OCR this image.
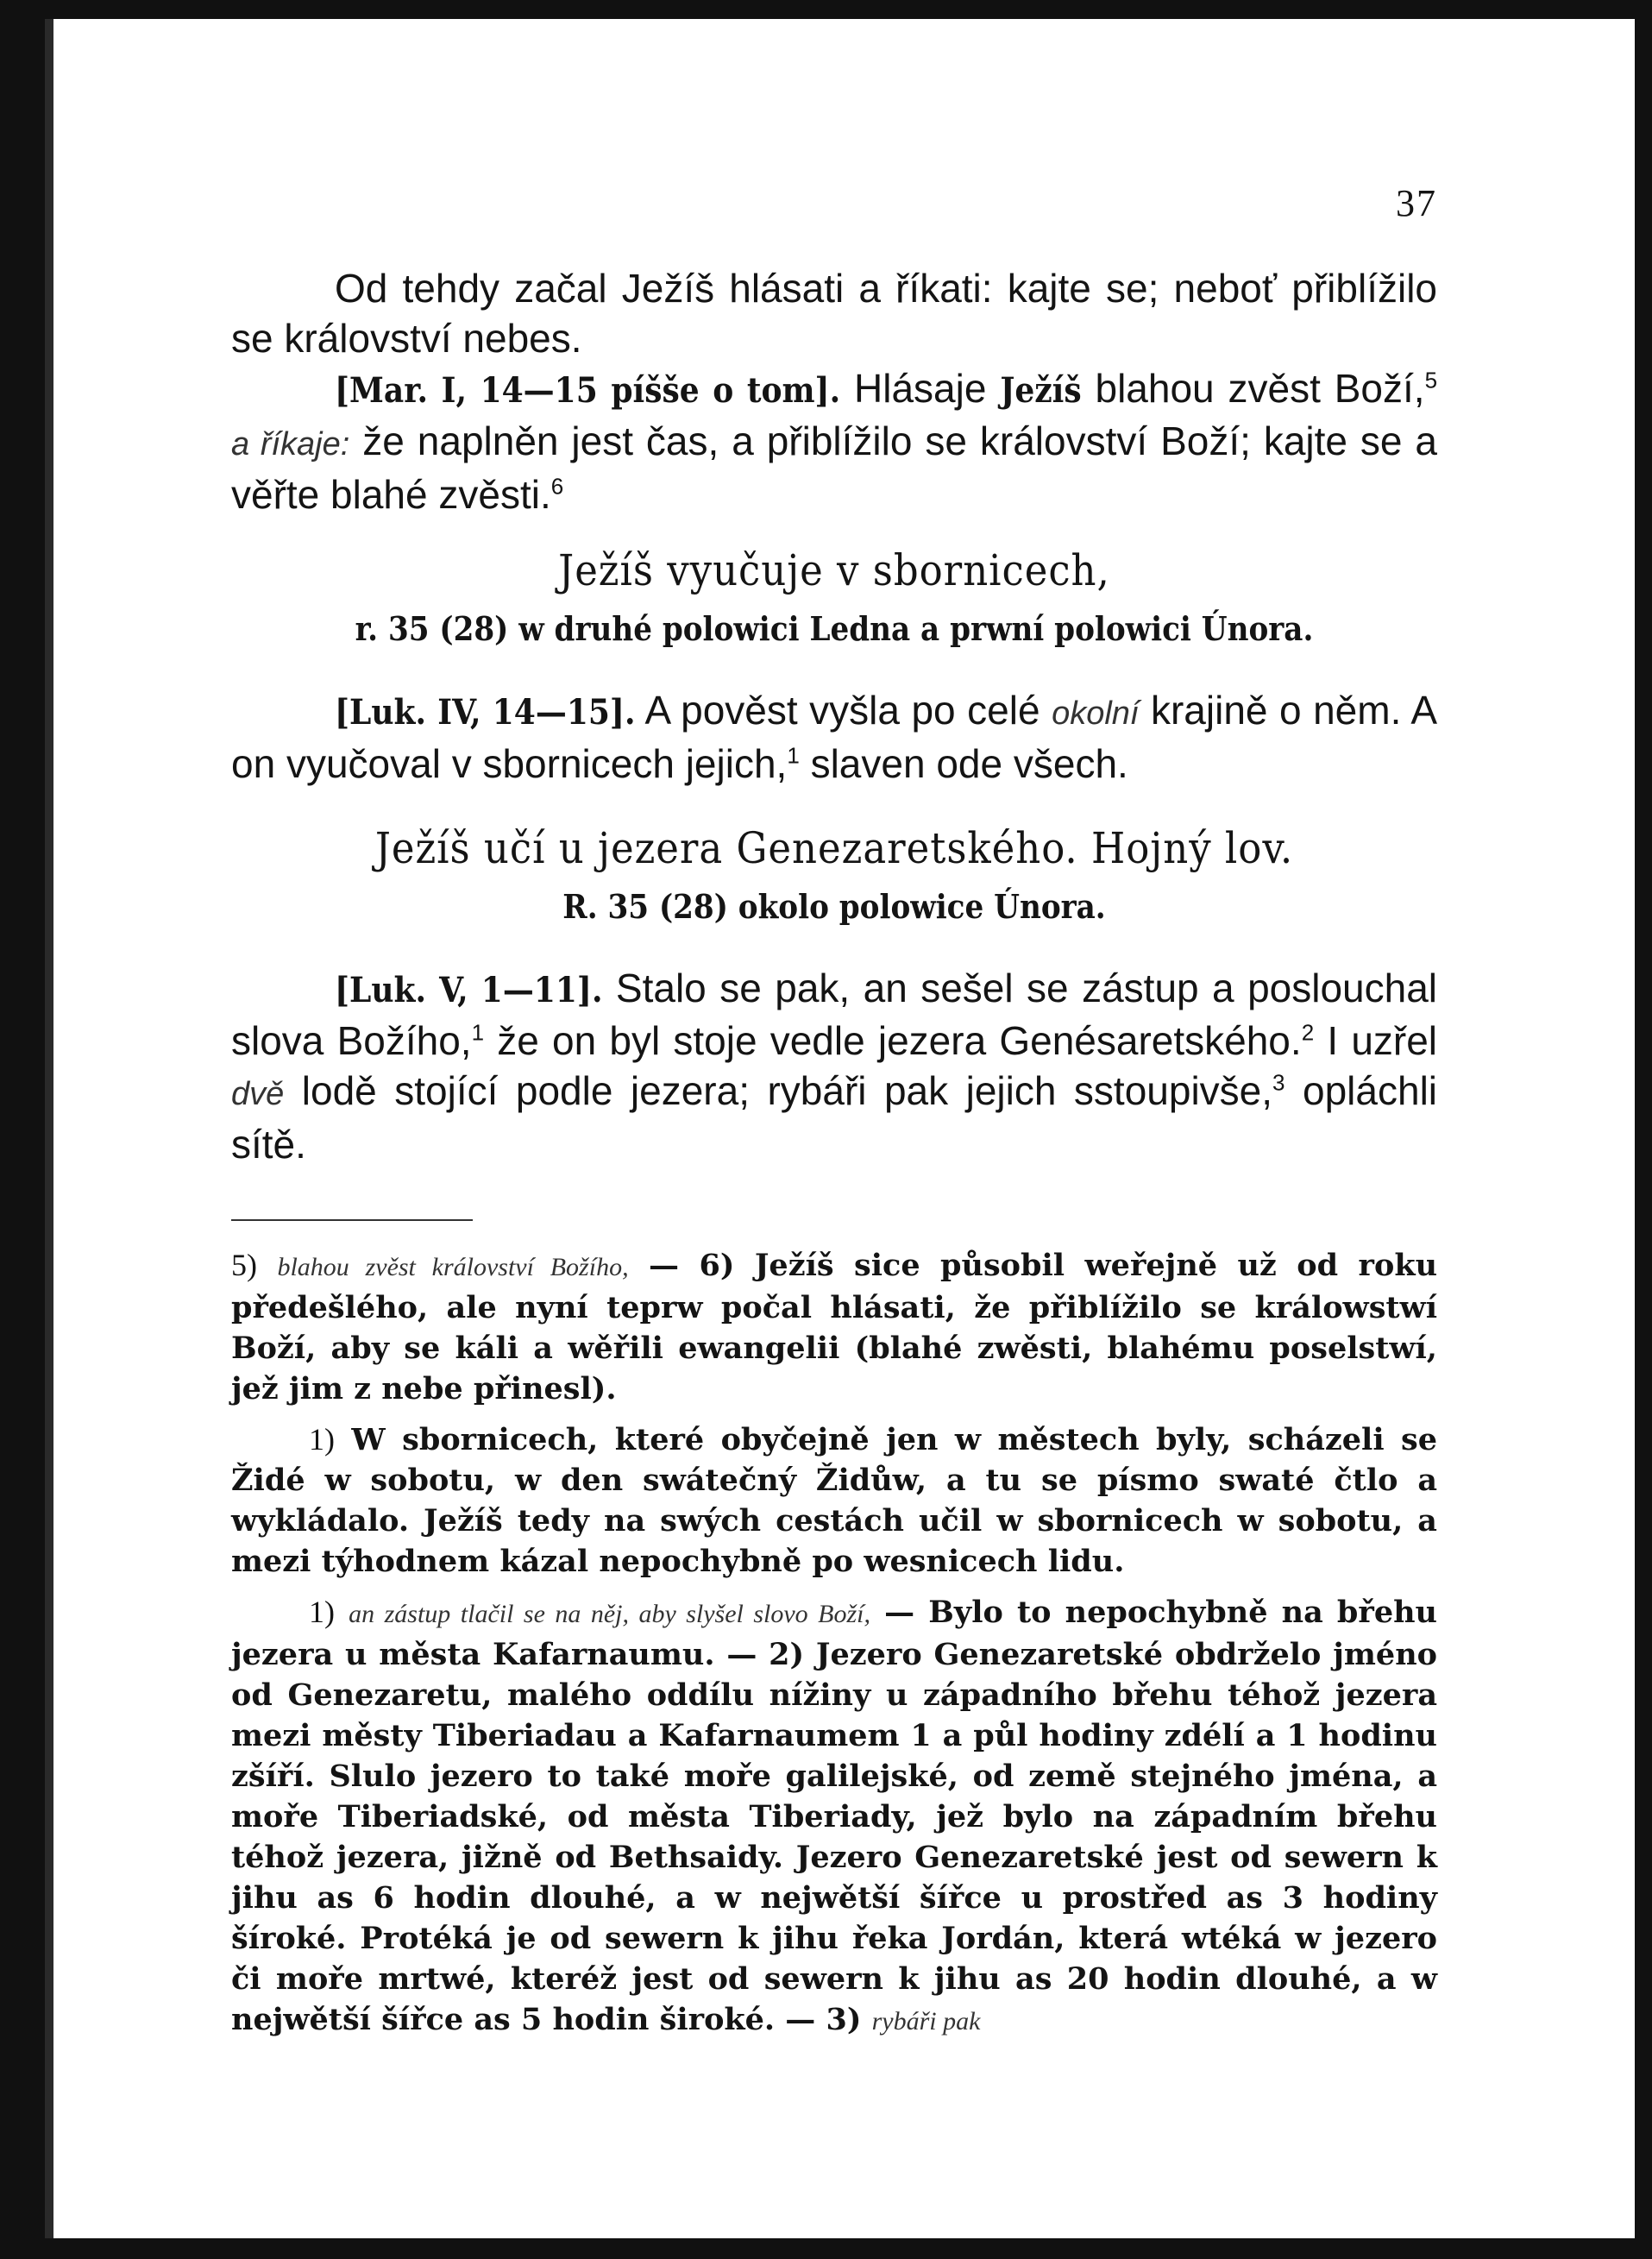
37

Od tehdy začal Ježíš hlásati a říkati: kajte se; neboť přiblížilo se království nebes.

[Mar. I, 14—15 píšše o tom]. Hlásaje Ježíš blahou zvěst Boží,$^5$ a říkaje: že naplněn jest čas, a přiblížilo se království Boží; kajte se a věřte blahé zvěsti.$^6$

Ježíš vyučuje v sbornicech,
r. 35 (28) w druhé polowici Ledna a prwní polowici Února.

[Luk. IV, 14—15]. A pověst vyšla po celé okolní krajině o něm. A on vyučoval v sbornicech jejich,$^1$ slaven ode všech.

Ježíš učí u jezera Genezaretského. Hojný lov.
R. 35 (28) okolo polowice Února.

[Luk. V, 1—11]. Stalo se pak, an sešel se zástup a poslouchal slova Božího,$^1$ že on byl stoje vedle jezera Genésaretského.$^2$ I uzřel dvě lodě stojící podle jezera; rybáři pak jejich sstoupivše,$^3$ opláchli sítě.

5) blahou zvěst království Božího, — 6) Ježíš sice působil weřejně už od roku předešlého, ale nyní teprw počal hlásati, že přiblížilo se králowstwí Boží, aby se káli a wěřili ewangelii (blahé zwěsti, blahému poselstwí, jež jim z nebe přinesl).

1) W sbornicech, které obyčejně jen w městech byly, scházeli se Židé w sobotu, w den swátečný Židůw, a tu se písmo swaté čtlo a wykládalo. Ježíš tedy na swých cestách učil w sbornicech w sobotu, a mezi týhodnem kázal nepochybně po wesnicech lidu.

1) an zástup tlačil se na něj, aby slyšel slovo Boží, — Bylo to nepochybně na břehu jezera u města Kafarnaumu. — 2) Jezero Genezaretské obdrželo jméno od Genezaretu, malého oddílu nížiny u západního břehu téhož jezera mezi městy Tiberiadau a Kafarnaumem 1 a půl hodiny zdélí a 1 hodinu zšíří. Slulo jezero to také moře galilejské, od země stejného jména, a moře Tiberiadské, od města Tiberiady, jež bylo na západním břehu téhož jezera, jižně od Bethsaidy. Jezero Genezaretské jest od sewern k jihu as 6 hodin dlouhé, a w nejwětší šířce u prostřed as 3 hodiny šíroké. Protéká je od sewern k jihu řeka Jordán, která wtéká w jezero či moře mrtwé, kteréž jest od sewern k jihu as 20 hodin dlouhé, a w nejwětší šířce as 5 hodin široké. — 3) rybáři pak
